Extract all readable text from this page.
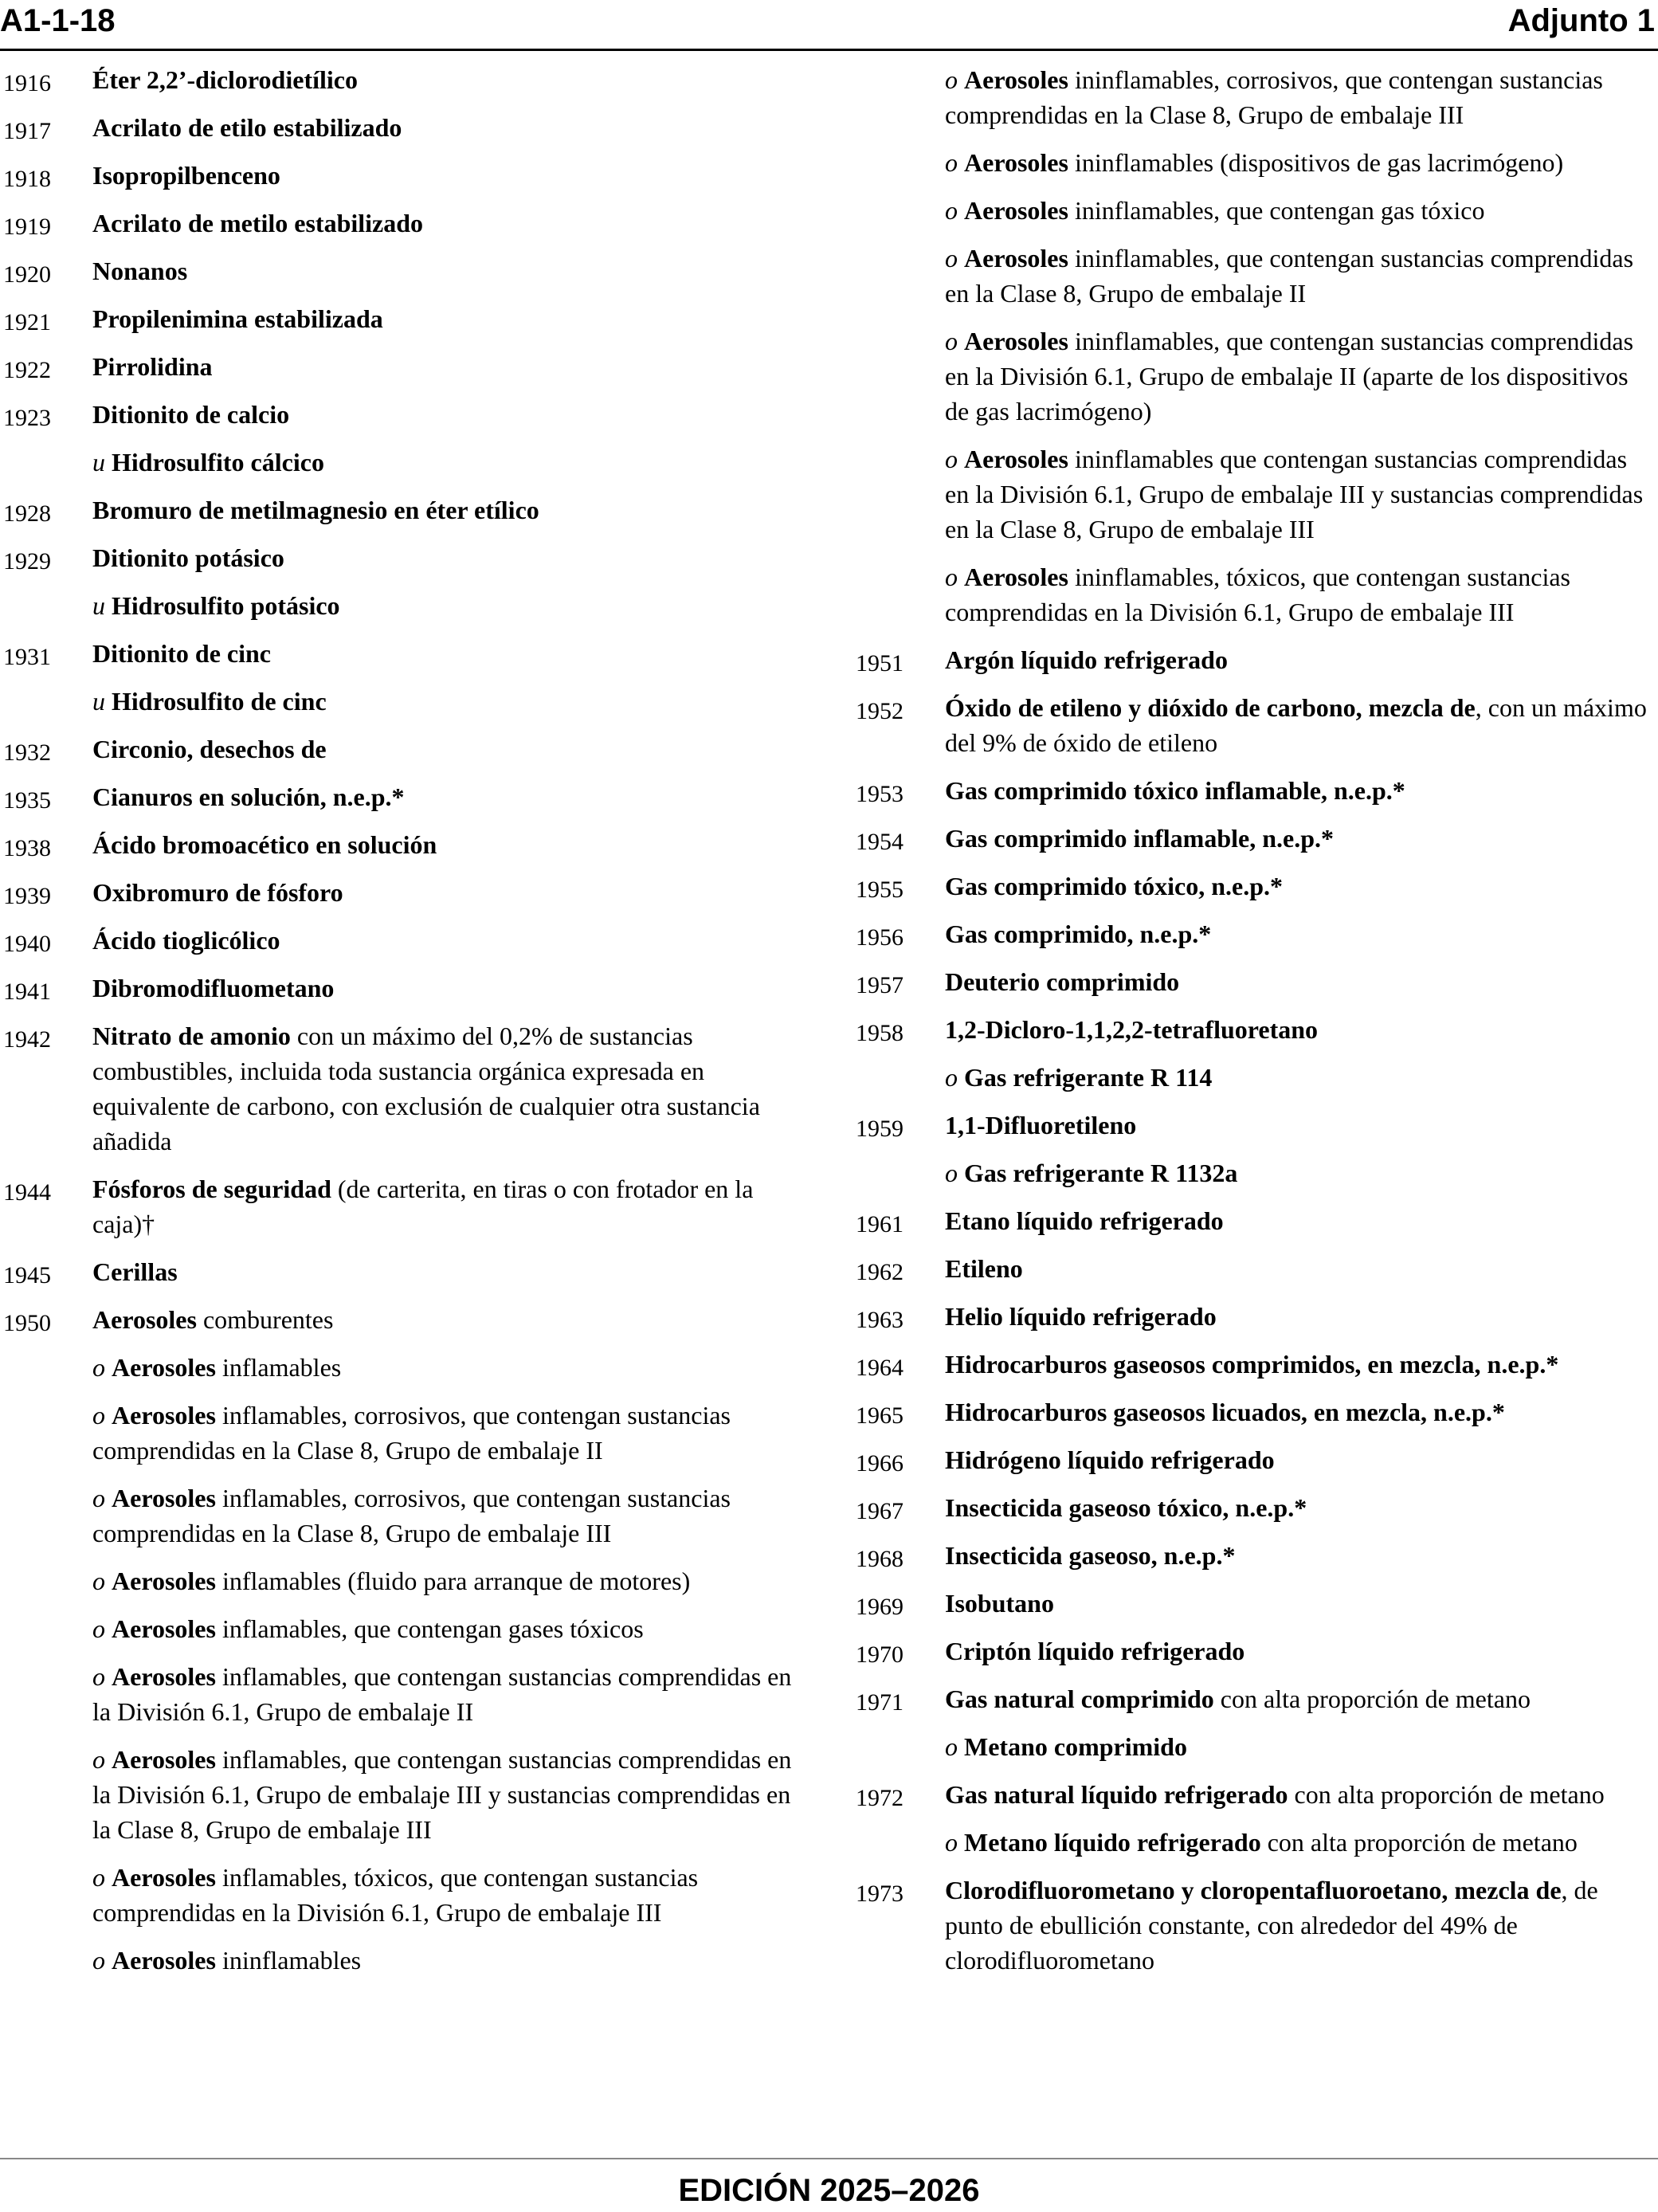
A1-1-18	Adjunto 1
1916 Éter 2,2’-diclorodietílico
1917 Acrilato de etilo estabilizado
1918 Isopropilbenceno
1919 Acrilato de metilo estabilizado
1920 Nonanos
1921 Propilenimina estabilizada
1922 Pirrolidina
1923 Ditionito de calcio
u Hidrosulfito cálcico
1928 Bromuro de metilmagnesio en éter etílico
1929 Ditionito potásico
u Hidrosulfito potásico
1931 Ditionito de cinc
u Hidrosulfito de cinc
1932 Circonio, desechos de
1935 Cianuros en solución, n.e.p.*
1938 Ácido bromoacético en solución
1939 Oxibromuro de fósforo
1940 Ácido tioglicólico
1941 Dibromodifluometano
1942 Nitrato de amonio con un máximo del 0,2% de sustancias combustibles, incluida toda sustancia orgánica expresada en equivalente de carbono, con exclusión de cualquier otra sustancia añadida
1944 Fósforos de seguridad (de carterita, en tiras o con frotador en la caja)†
1945 Cerillas
1950 Aerosoles comburentes
o Aerosoles inflamables
o Aerosoles inflamables, corrosivos, que contengan sustancias comprendidas en la Clase 8, Grupo de embalaje II
o Aerosoles inflamables, corrosivos, que contengan sustancias comprendidas en la Clase 8, Grupo de embalaje III
o Aerosoles inflamables (fluido para arranque de motores)
o Aerosoles inflamables, que contengan gases tóxicos
o Aerosoles inflamables, que contengan sustancias comprendidas en la División 6.1, Grupo de embalaje II
o Aerosoles inflamables, que contengan sustancias comprendidas en la División 6.1, Grupo de embalaje III y sustancias comprendidas en la Clase 8, Grupo de embalaje III
o Aerosoles inflamables, tóxicos, que contengan sustancias comprendidas en la División 6.1, Grupo de embalaje III
o Aerosoles ininflamables
o Aerosoles ininflamables, corrosivos, que contengan sustancias comprendidas en la Clase 8, Grupo de embalaje III
o Aerosoles ininflamables (dispositivos de gas lacrimógeno)
o Aerosoles ininflamables, que contengan gas tóxico
o Aerosoles ininflamables, que contengan sustancias comprendidas en la Clase 8, Grupo de embalaje II
o Aerosoles ininflamables, que contengan sustancias comprendidas en la División 6.1, Grupo de embalaje II (aparte de los dispositivos de gas lacrimógeno)
o Aerosoles ininflamables que contengan sustancias comprendidas en la División 6.1, Grupo de embalaje III y sustancias comprendidas en la Clase 8, Grupo de embalaje III
o Aerosoles ininflamables, tóxicos, que contengan sustancias comprendidas en la División 6.1, Grupo de embalaje III
1951 Argón líquido refrigerado
1952 Óxido de etileno y dióxido de carbono, mezcla de, con un máximo del 9% de óxido de etileno
1953 Gas comprimido tóxico inflamable, n.e.p.*
1954 Gas comprimido inflamable, n.e.p.*
1955 Gas comprimido tóxico, n.e.p.*
1956 Gas comprimido, n.e.p.*
1957 Deuterio comprimido
1958 1,2-Dicloro-1,1,2,2-tetrafluoretano
o Gas refrigerante R 114
1959 1,1-Difluoretileno
o Gas refrigerante R 1132a
1961 Etano líquido refrigerado
1962 Etileno
1963 Helio líquido refrigerado
1964 Hidrocarburos gaseosos comprimidos, en mezcla, n.e.p.*
1965 Hidrocarburos gaseosos licuados, en mezcla, n.e.p.*
1966 Hidrógeno líquido refrigerado
1967 Insecticida gaseoso tóxico, n.e.p.*
1968 Insecticida gaseoso, n.e.p.*
1969 Isobutano
1970 Criptón líquido refrigerado
1971 Gas natural comprimido con alta proporción de metano
o Metano comprimido
1972 Gas natural líquido refrigerado con alta proporción de metano
o Metano líquido refrigerado con alta proporción de metano
1973 Clorodifluorometano y cloropentafluoroetano, mezcla de, de punto de ebullición constante, con alrededor del 49% de clorodifluorometano
EDICIÓN 2025–2026
